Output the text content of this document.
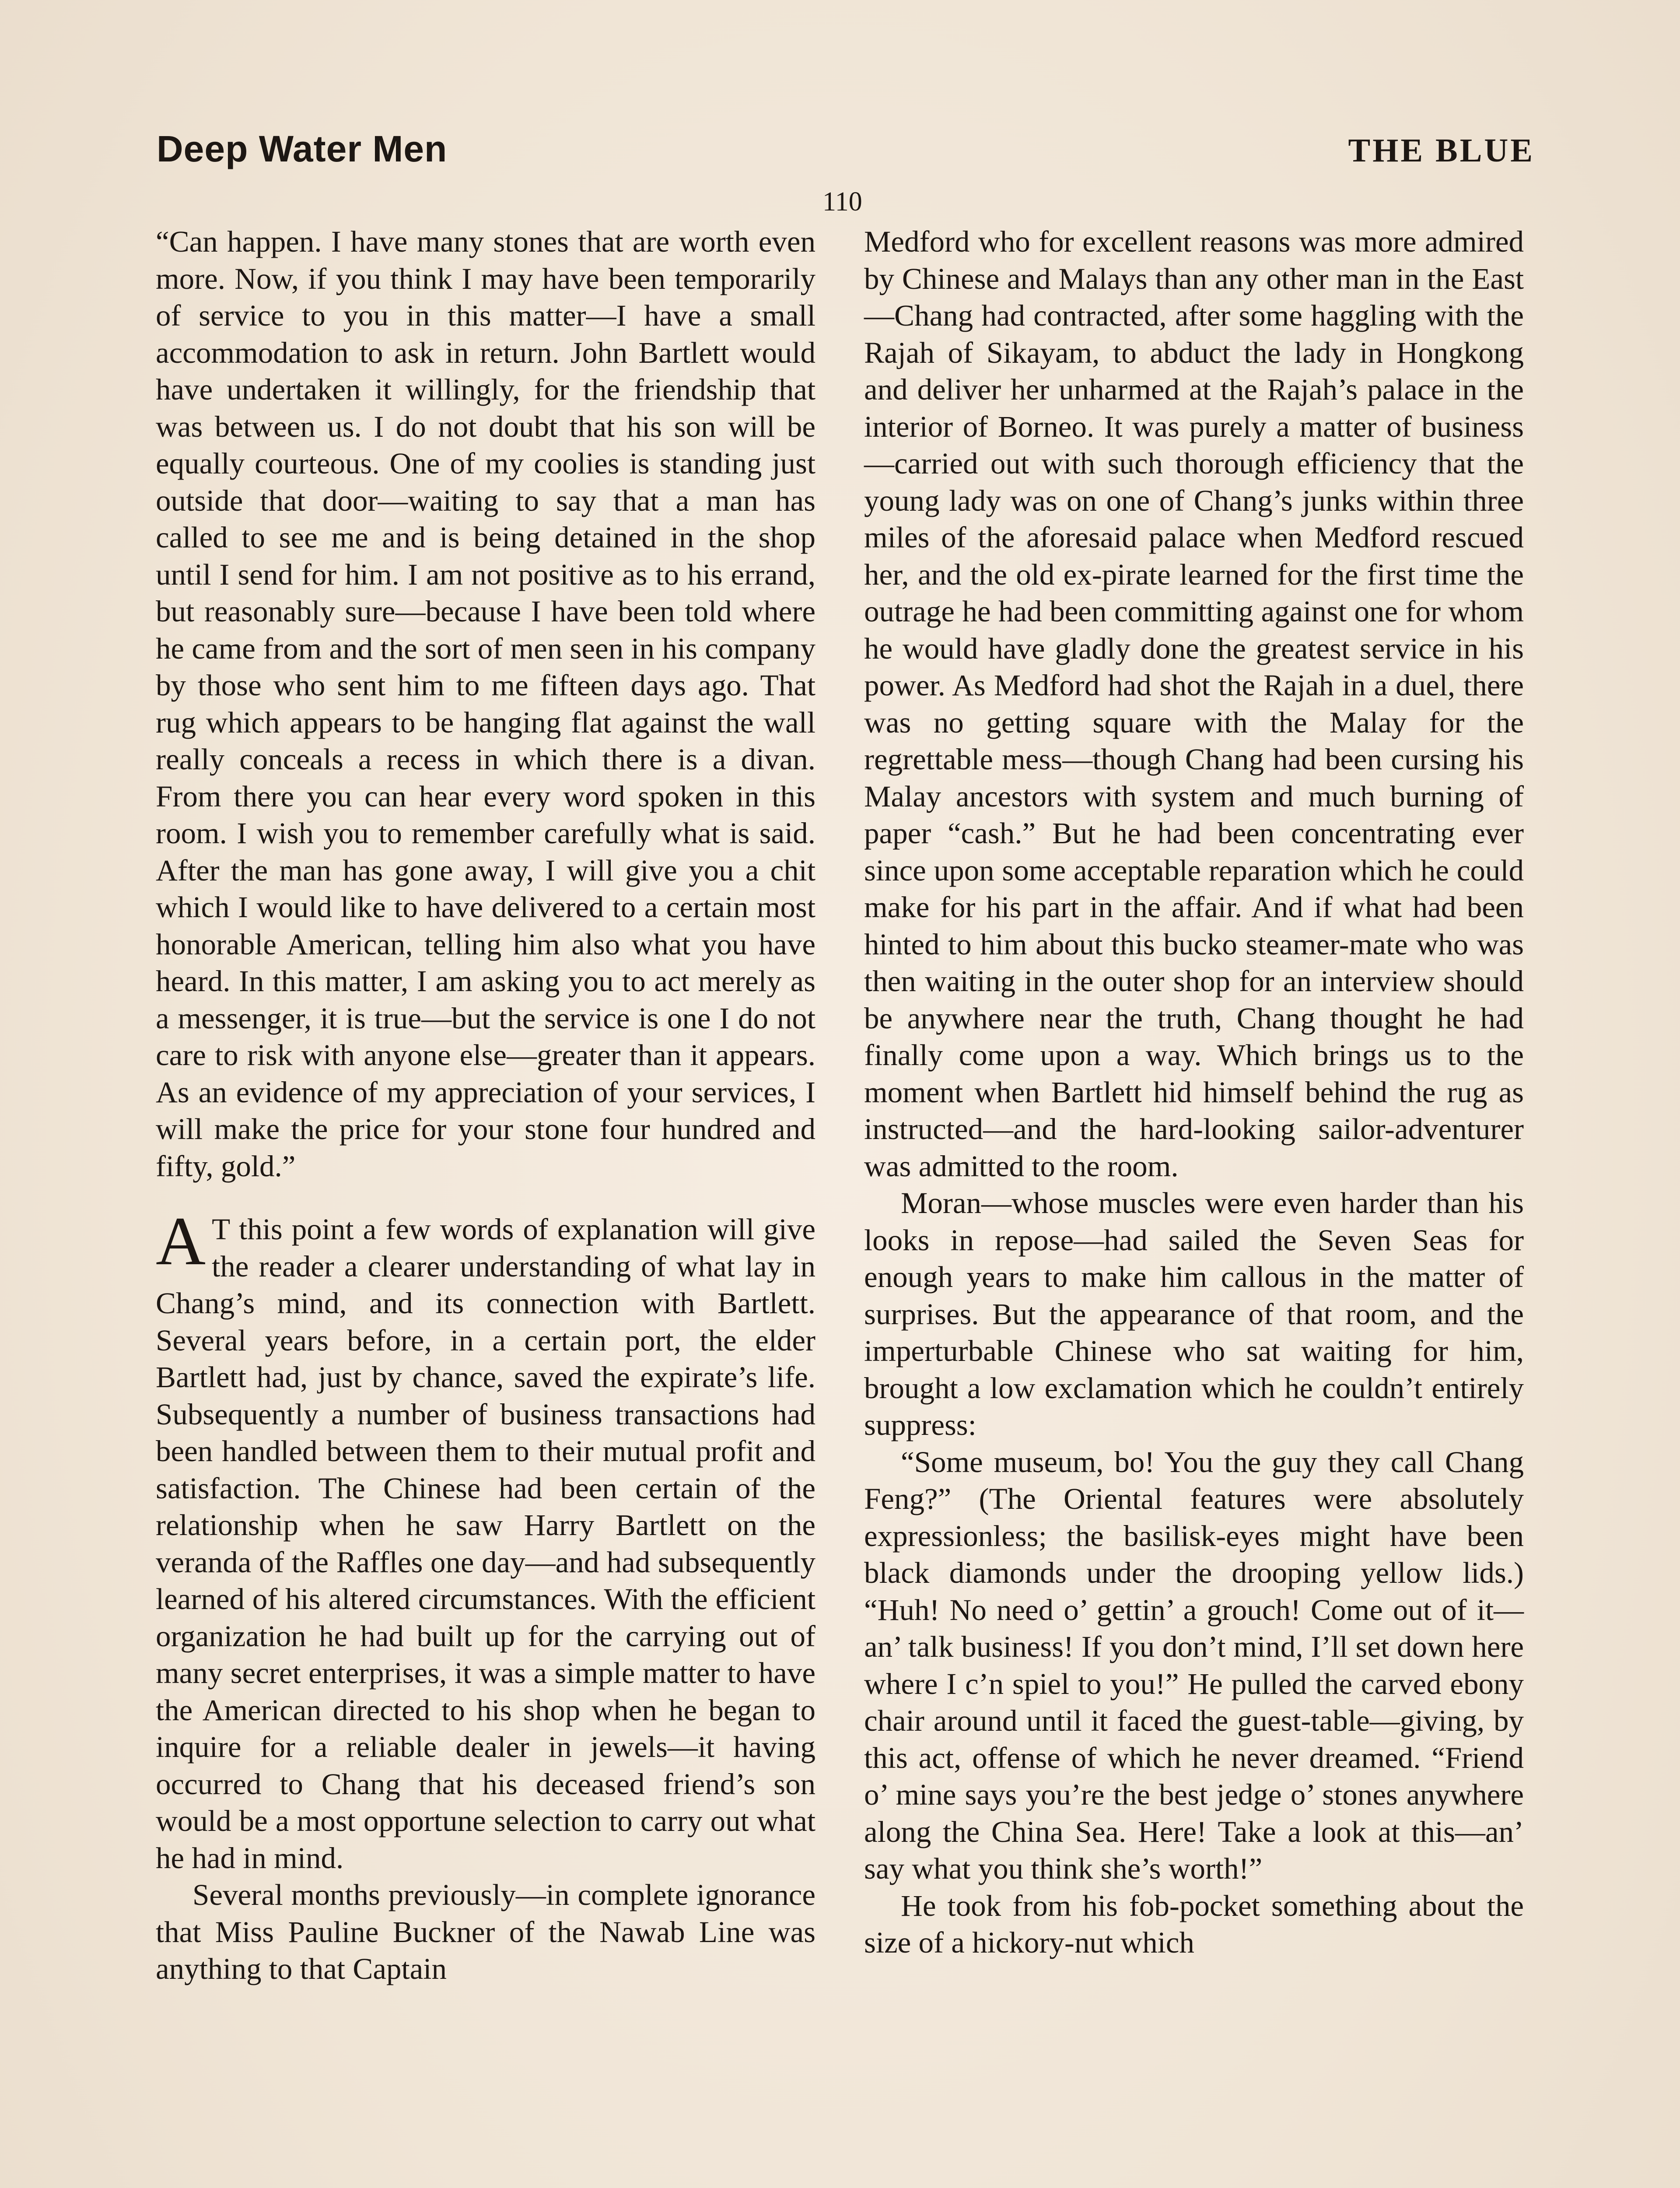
Deep Water Men	THE BLUE
110

“Can happen. I have many stones that are worth even more. Now, if you think I may have been temporarily of service to you in this matter—I have a small accommodation to ask in return. John Bartlett would have undertaken it willingly, for the friendship that was between us. I do not doubt that his son will be equally courteous. One of my coolies is standing just outside that door—waiting to say that a man has called to see me and is being detained in the shop until I send for him. I am not positive as to his errand, but reasonably sure—because I have been told where he came from and the sort of men seen in his company by those who sent him to me fifteen days ago. That rug which appears to be hanging flat against the wall really conceals a recess in which there is a divan. From there you can hear every word spoken in this room. I wish you to remember carefully what is said. After the man has gone away, I will give you a chit which I would like to have delivered to a certain most honorable American, telling him also what you have heard. In this matter, I am asking you to act merely as a messenger, it is true—but the service is one I do not care to risk with anyone else—greater than it appears. As an evidence of my appreciation of your services, I will make the price for your stone four hundred and fifty, gold.”

A T this point a few words of explanation will give the reader a clearer understanding of what lay in Chang’s mind, and its connection with Bartlett. Several years before, in a certain port, the elder Bartlett had, just by chance, saved the expirate’s life. Subsequently a number of business transactions had been handled between them to their mutual profit and satisfaction. The Chinese had been certain of the relationship when he saw Harry Bartlett on the veranda of the Raffles one day—and had subsequently learned of his altered circumstances. With the efficient organization he had built up for the carrying out of many secret enterprises, it was a simple matter to have the American directed to his shop when he began to inquire for a reliable dealer in jewels—it having occurred to Chang that his deceased friend’s son would be a most opportune selection to carry out what he had in mind.

Several months previously—in complete ignorance that Miss Pauline Buckner of the Nawab Line was anything to that Captain

Medford who for excellent reasons was more admired by Chinese and Malays than any other man in the East—Chang had contracted, after some haggling with the Rajah of Sikayam, to abduct the lady in Hongkong and deliver her unharmed at the Rajah’s palace in the interior of Borneo. It was purely a matter of business—carried out with such thorough efficiency that the young lady was on one of Chang’s junks within three miles of the aforesaid palace when Medford rescued her, and the old ex-pirate learned for the first time the outrage he had been committing against one for whom he would have gladly done the greatest service in his power. As Medford had shot the Rajah in a duel, there was no getting square with the Malay for the regrettable mess—though Chang had been cursing his Malay ancestors with system and much burning of paper “cash.” But he had been concentrating ever since upon some acceptable reparation which he could make for his part in the affair. And if what had been hinted to him about this bucko steamer-mate who was then waiting in the outer shop for an interview should be anywhere near the truth, Chang thought he had finally come upon a way. Which brings us to the moment when Bartlett hid himself behind the rug as instructed—and the hard-looking sailor-adventurer was admitted to the room.

Moran—whose muscles were even harder than his looks in repose—had sailed the Seven Seas for enough years to make him callous in the matter of surprises. But the appearance of that room, and the imperturbable Chinese who sat waiting for him, brought a low exclamation which he couldn’t entirely suppress:

“Some museum, bo! You the guy they call Chang Feng?” (The Oriental features were absolutely expressionless; the basilisk-eyes might have been black diamonds under the drooping yellow lids.) “Huh! No need o’ gettin’ a grouch! Come out of it—an’ talk business! If you don’t mind, I’ll set down here where I c’n spiel to you!” He pulled the carved ebony chair around until it faced the guest-table—giving, by this act, offense of which he never dreamed. “Friend o’ mine says you’re the best jedge o’ stones anywhere along the China Sea. Here! Take a look at this—an’ say what you think she’s worth!”

He took from his fob-pocket something about the size of a hickory-nut which
